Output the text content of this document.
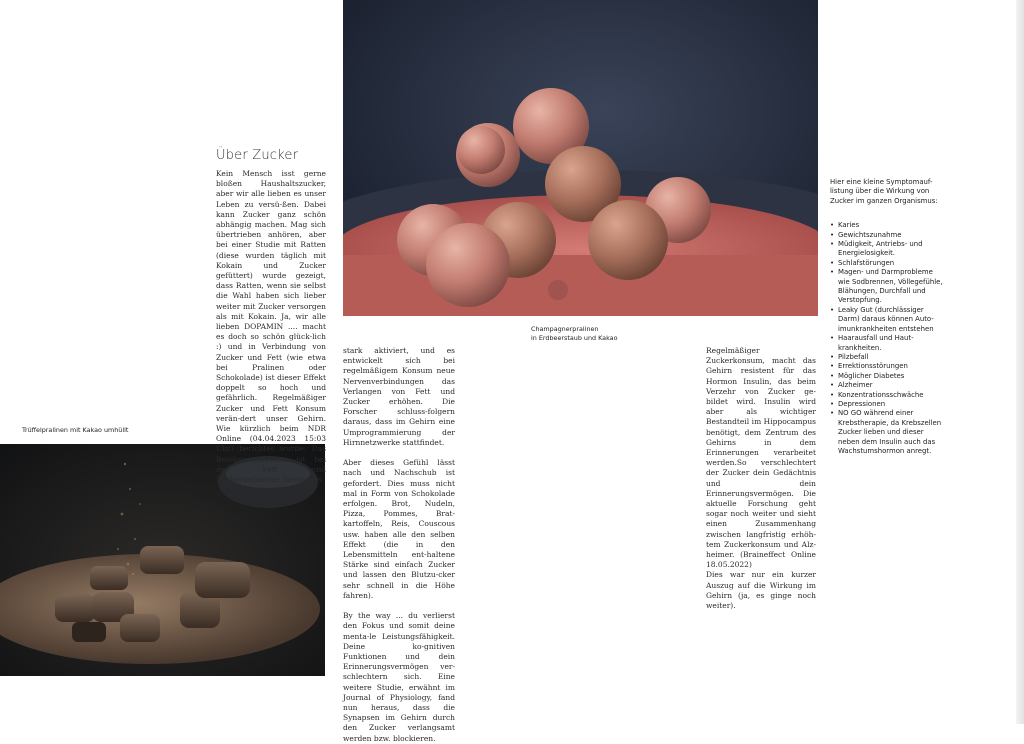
Champagnerpralinen
in Erdbeerstaub und Kakao
Trüffelpralinen mit Kakao umhüllt
Über Zucker

Kein Mensch isst gerne bloßen Haushaltszucker, aber wir alle lieben es unser Leben zu versü-ßen. Dabei kann Zucker ganz schön abhängig machen. Mag sich übertrieben anhören, aber bei einer Studie mit Ratten (diese wurden täglich mit Kokain und Zucker gefüttert) wurde gezeigt, dass Ratten, wenn sie selbst die Wahl haben sich lieber weiter mit Zucker versorgen als mit Kokain. Ja, wir alle lieben DOPAMIN .... macht es doch so schön glück-lich :) und in Verbindung von Zucker und Fett (wie etwa bei Pralinen oder Schokolade) ist dieser Effekt doppelt so hoch und gefährlich. Regelmäßiger Zucker und Fett Konsum verän-dert unser Gehirn. Wie kürzlich beim NDR Online (04.04.2023 15:03 Uhr) berichtet wurde: Das Belohnungssystem ist bei der Fett und Zuckeraufnahme besonders

stark aktiviert, und es entwickelt sich bei regelmäßigem Konsum neue Nervenverbindungen das Verlangen von Fett und Zucker erhöhen. Die Forscher schluss-folgern daraus, dass im Gehirn eine Umprogrammierung der Hirnnetzwerke stattfindet.

Aber dieses Gefühl lässt nach und Nachschub ist gefordert. Dies muss nicht mal in Form von Schokolade erfolgen. Brot, Nudeln, Pizza, Pommes, Brat-kartoffeln, Reis, Couscous usw. haben alle den selben Effekt (die in den Lebensmitteln ent-haltene Stärke sind einfach Zucker und lassen den Blutzu-cker sehr schnell in die Höhe fahren).

By the way ... du verlierst den Fokus und somit deine menta-le Leistungsfähigkeit. Deine ko-gnitiven Funktionen und dein Erinnerungsvermögen ver-schlechtern sich. Eine weitere Studie, erwähnt im Journal of Physiology, fand nun heraus, dass die Synapsen im Gehirn durch den Zucker verlangsamt werden bzw. blockieren.

Regelmäßiger Zuckerkonsum, macht das Gehirn resistent für das Hormon Insulin, das beim Verzehr von Zucker ge-bildet wird. Insulin wird aber als wichtiger Bestandteil im Hippocampus benötigt, dem Zentrum des Gehirns in dem Erinnerungen verarbeitet werden.So verschlechtert der Zucker dein Gedächtnis und dein Erinnerungsvermögen. Die aktuelle Forschung geht sogar noch weiter und sieht einen Zusammenhang zwischen langfristig erhöh-tem Zuckerkonsum und Alz-heimer. (Braineffect Online 18.05.2022)

Dies war nur ein kurzer Auszug auf die Wirkung im Gehirn (ja, es ginge noch weiter).

Hier eine kleine Symptomauf-listung über die Wirkung von Zucker im ganzen Organismus:

• Karies
• Gewichtszunahme
• Müdigkeit, Antriebs- und Energielosigkeit.
• Schlafstörungen
• Magen- und Darmprobleme wie Sodbrennen, Völlegefühle, Blähungen, Durchfall und Verstopfung.
• Leaky Gut (durchlässiger Darm) daraus können Auto-imunkrankheiten entstehen
• Haarausfall und Haut-krankheiten.
• Pilzbefall
• Errektionsstörungen
• Möglicher Diabetes
• Alzheimer
• Konzentrationsschwäche
• Depressionen
• NO GO während einer Krebstherapie, da Krebszellen Zucker lieben und dieser neben dem Insulin auch das Wachstumshormon anregt.
